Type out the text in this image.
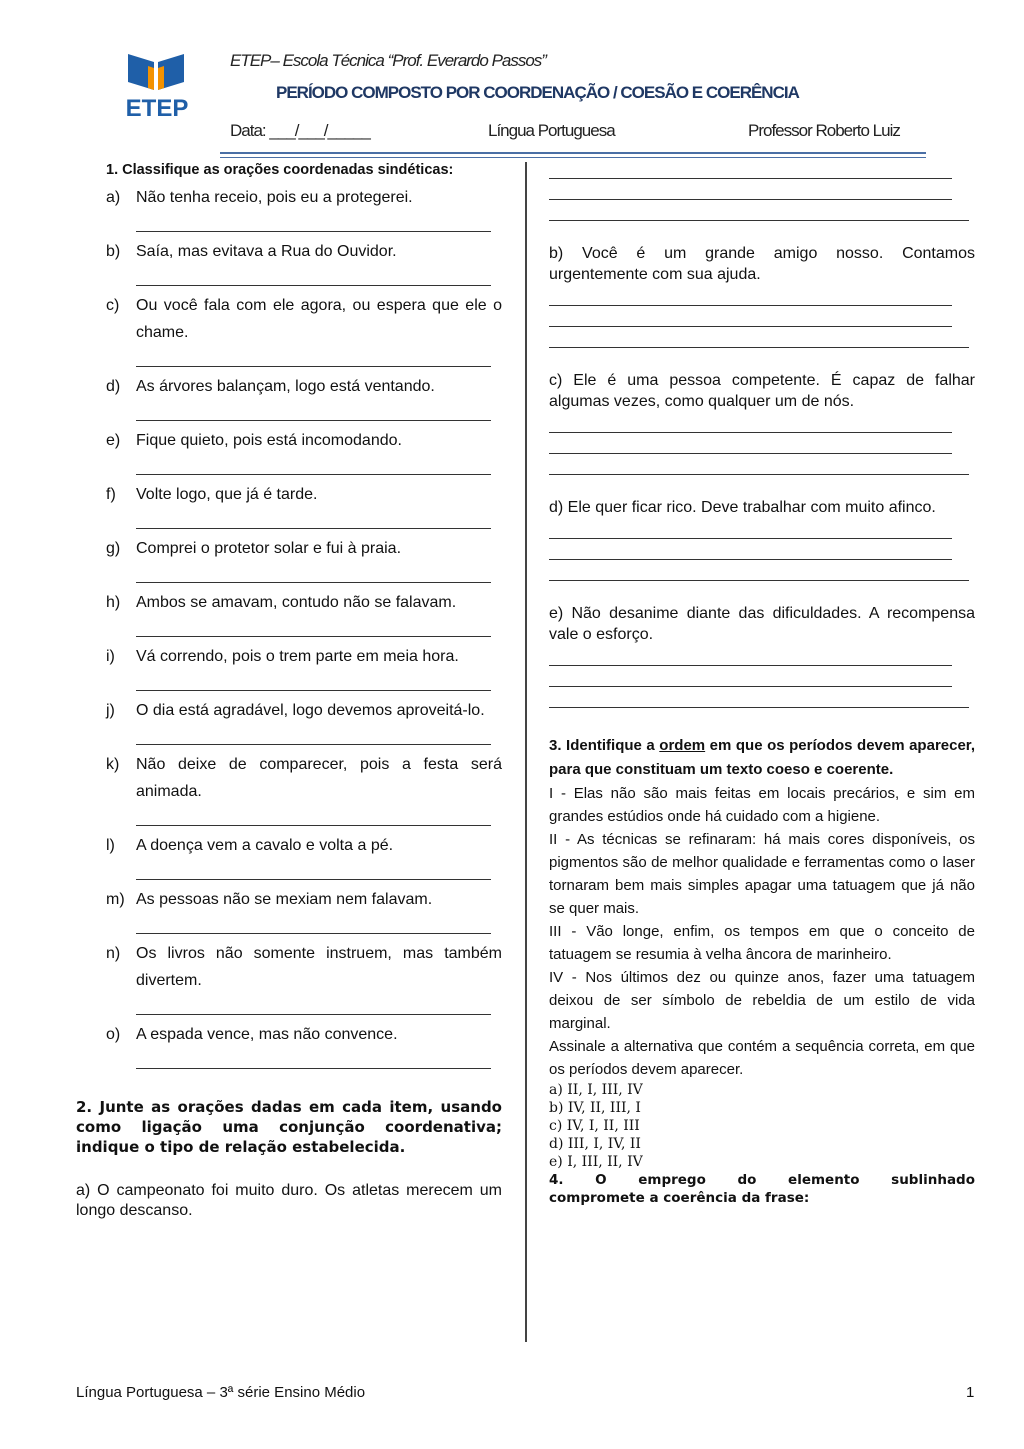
ETEP
ETEP– Escola Técnica “Prof. Everardo Passos”
PERÍODO COMPOSTO POR COORDENAÇÃO / COESÃO E COERÊNCIA
Data: ___/___/_____	Língua Portuguesa	Professor Roberto Luiz
1. Classifique as orações coordenadas sindéticas:
a) Não tenha receio, pois eu a protegerei.
b) Saía, mas evitava a Rua do Ouvidor.
c) Ou você fala com ele agora, ou espera que ele o chame.
d) As árvores balançam, logo está ventando.
e) Fique quieto, pois está incomodando.
f) Volte logo, que já é tarde.
g) Comprei o protetor solar e fui à praia.
h) Ambos se amavam, contudo não se falavam.
i) Vá correndo, pois o trem parte em meia hora.
j) O dia está agradável, logo devemos aproveitá-lo.
k) Não deixe de comparecer, pois a festa será animada.
l) A doença vem a cavalo e volta a pé.
m) As pessoas não se mexiam nem falavam.
n) Os livros não somente instruem, mas também divertem.
o) A espada vence, mas não convence.
2. Junte as orações dadas em cada item, usando como ligação uma conjunção coordenativa; indique o tipo de relação estabelecida.
a) O campeonato foi muito duro. Os atletas merecem um longo descanso.
b) Você é um grande amigo nosso. Contamos urgentemente com sua ajuda.
c) Ele é uma pessoa competente. É capaz de falhar algumas vezes, como qualquer um de nós.
d) Ele quer ficar rico. Deve trabalhar com muito afinco.
e) Não desanime diante das dificuldades. A recompensa vale o esforço.
3. Identifique a ordem em que os períodos devem aparecer, para que constituam um texto coeso e coerente.
I - Elas não são mais feitas em locais precários, e sim em grandes estúdios onde há cuidado com a higiene.
II - As técnicas se refinaram: há mais cores disponíveis, os pigmentos são de melhor qualidade e ferramentas como o laser tornaram bem mais simples apagar uma tatuagem que já não se quer mais.
III - Vão longe, enfim, os tempos em que o conceito de tatuagem se resumia à velha âncora de marinheiro.
IV - Nos últimos dez ou quinze anos, fazer uma tatuagem deixou de ser símbolo de rebeldia de um estilo de vida marginal.
Assinale a alternativa que contém a sequência correta, em que os períodos devem aparecer.
a) II, I, III, IV
b) IV, II, III, I
c) IV, I, II, III
d) III, I, IV, II
e) I, III, II, IV
4.    O    emprego    do    elemento    sublinhado compromete a coerência da frase:
Língua Portuguesa – 3ª série Ensino Médio	1
